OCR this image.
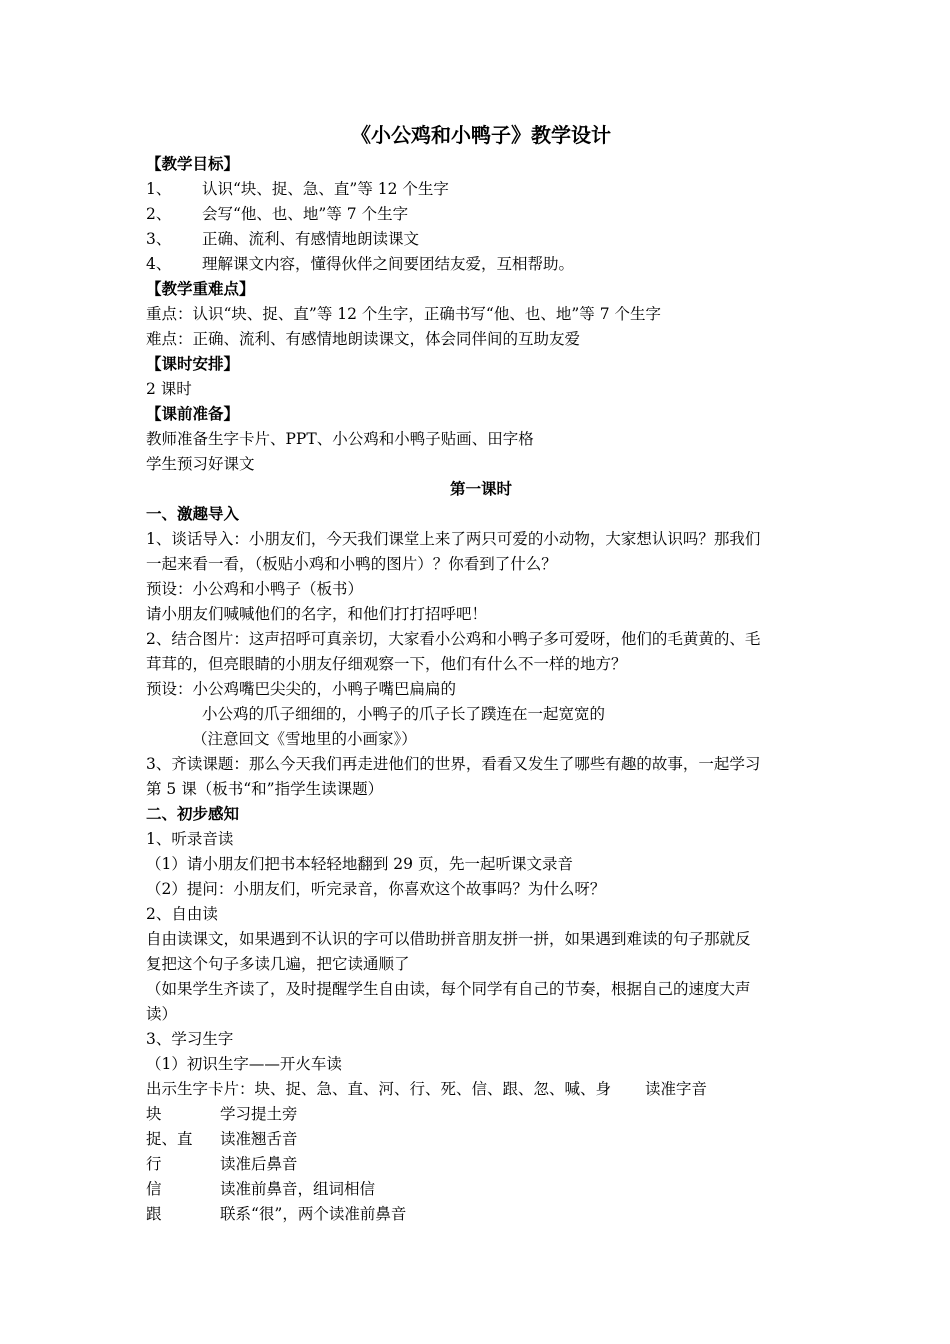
《小公鸡和小鸭子》教学设计
【教学目标】
1、 认识“块、捉、急、直”等 12 个生字
2、 会写“他、也、地”等 7 个生字
3、 正确、流利、有感情地朗读课文
4、 理解课文内容，懂得伙伴之间要团结友爱，互相帮助。
【教学重难点】
重点：认识“块、捉、直”等 12 个生字，正确书写“他、也、地”等 7 个生字
难点：正确、流利、有感情地朗读课文，体会同伴间的互助友爱
【课时安排】
2 课时
【课前准备】
教师准备生字卡片、PPT、小公鸡和小鸭子贴画、田字格
学生预习好课文
第一课时
一、激趣导入
1、谈话导入：小朋友们，今天我们课堂上来了两只可爱的小动物，大家想认识吗？那我们
一起来看一看，（板贴小鸡和小鸭的图片）？你看到了什么？
预设：小公鸡和小鸭子（板书）
请小朋友们喊喊他们的名字，和他们打打招呼吧！
2、结合图片：这声招呼可真亲切，大家看小公鸡和小鸭子多可爱呀，他们的毛黄黄的、毛
茸茸的，但亮眼睛的小朋友仔细观察一下，他们有什么不一样的地方？
预设：小公鸡嘴巴尖尖的，小鸭子嘴巴扁扁的
小公鸡的爪子细细的，小鸭子的爪子长了蹼连在一起宽宽的
（注意回文《雪地里的小画家》）
3、齐读课题：那么今天我们再走进他们的世界，看看又发生了哪些有趣的故事，一起学习
第 5 课（板书“和”指学生读课题）
二、初步感知
1、听录音读
（1）请小朋友们把书本轻轻地翻到 29 页，先一起听课文录音
（2）提问：小朋友们，听完录音，你喜欢这个故事吗？为什么呀？
2、自由读
自由读课文，如果遇到不认识的字可以借助拼音朋友拼一拼，如果遇到难读的句子那就反
复把这个句子多读几遍，把它读通顺了
（如果学生齐读了，及时提醒学生自由读，每个同学有自己的节奏，根据自己的速度大声
读）
3、学习生字
（1）初识生字——开火车读
出示生字卡片：块、捉、急、直、河、行、死、信、跟、忽、喊、身 读准字音
块	学习提土旁
捉、直 读准翘舌音
行	读准后鼻音
信	读准前鼻音，组词相信
跟	联系“很”，两个读准前鼻音
